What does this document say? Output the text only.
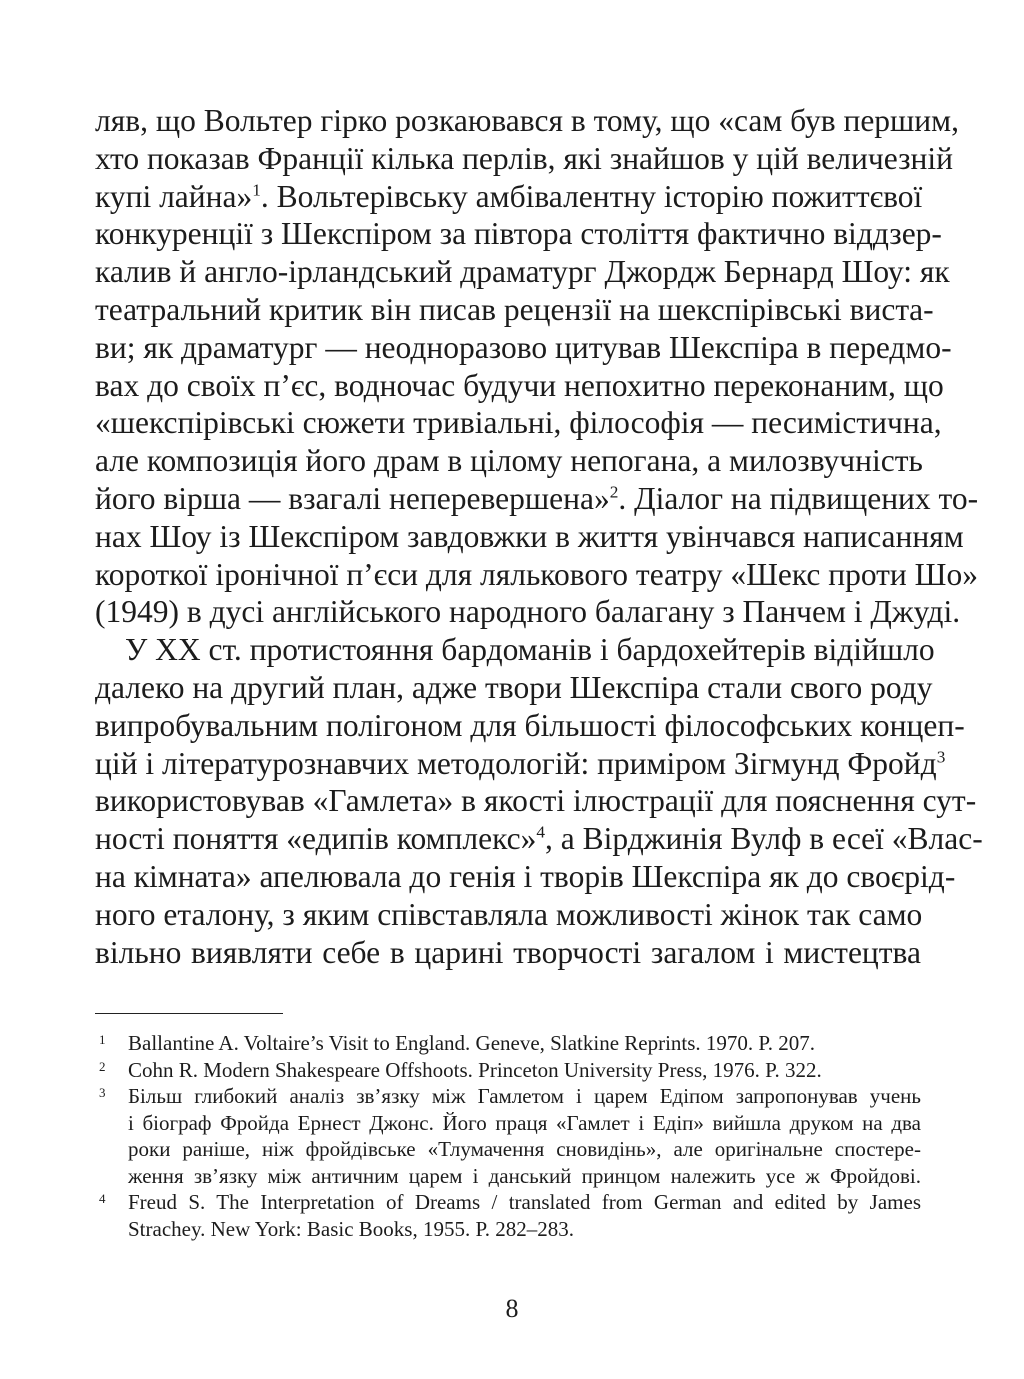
ляв, що Вольтер гірко розкаювався в тому, що «сам був першим,
хто показав Франції кілька перлів, які знайшов у цій величезній
купі лайна»$^1$. Вольтерівську амбівалентну історію пожиттєвої
конкуренції з Шекспіром за півтора століття фактично віддзер-
калив й англо-ірландський драматург Джордж Бернард Шоу: як
театральний критик він писав рецензії на шекспірівські вистa-
ви; як драматург — неодноразово цитував Шекспіра в передмо-
вах до своїх п’єс, водночас будучи непохитно переконаним, що
«шекспірівські сюжети тривіальні, філософія — песимістична,
але композиція його драм в цілому непогана, а милозвучність
його вірша — взагалі неперевершена»$^2$. Діалог на підвищених то-
нах Шоу із Шекспіром завдовжки в життя увінчався написанням
короткої іронічної п’єси для лялькового театру «Шекс проти Шо»
(1949) в дусі англійського народного балагану з Панчем і Джуді.
У XX ст. протистояння бардоманів і бардохейтерів відійшло
далеко на другий план, адже твори Шекспіра стали свого роду
випробувальним полігоном для більшості філософських концеп-
цій і літературознавчих методологій: приміром Зігмунд Фройд$^3$
використовував «Гамлета» в якості ілюстрації для пояснення сут-
ності поняття «едипів комплекс»$^4$, а Вірджинія Вулф в есеї «Влас-
на кімната» апелювала до генія і творів Шекспіра як до своєрід-
ного еталону, з яким співставляла можливості жінок так само
вільно виявляти себе в царині творчості загалом і мистецтва
1 Ballantine A. Voltaire’s Visit to England. Geneve, Slatkine Reprints. 1970. P. 207.
2 Cohn R. Modern Shakespeare Offshoots. Princeton University Press, 1976. P. 322.
3 Більш глибокий аналіз зв’язку між Гамлетом і царем Едіпом запропонував учень
і біограф Фройда Ернест Джонс. Його праця «Гамлет і Едіп» вийшла друком на два
роки раніше, ніж фройдівське «Тлумачення сновидінь», але оригінальне спостере-
ження зв’язку між античним царем і данський принцом належить усе ж Фройдові.
4 Freud S. The Interpretation of Dreams / translated from German and edited by James
Strachey. New York: Basic Books, 1955. P. 282–283.
8
